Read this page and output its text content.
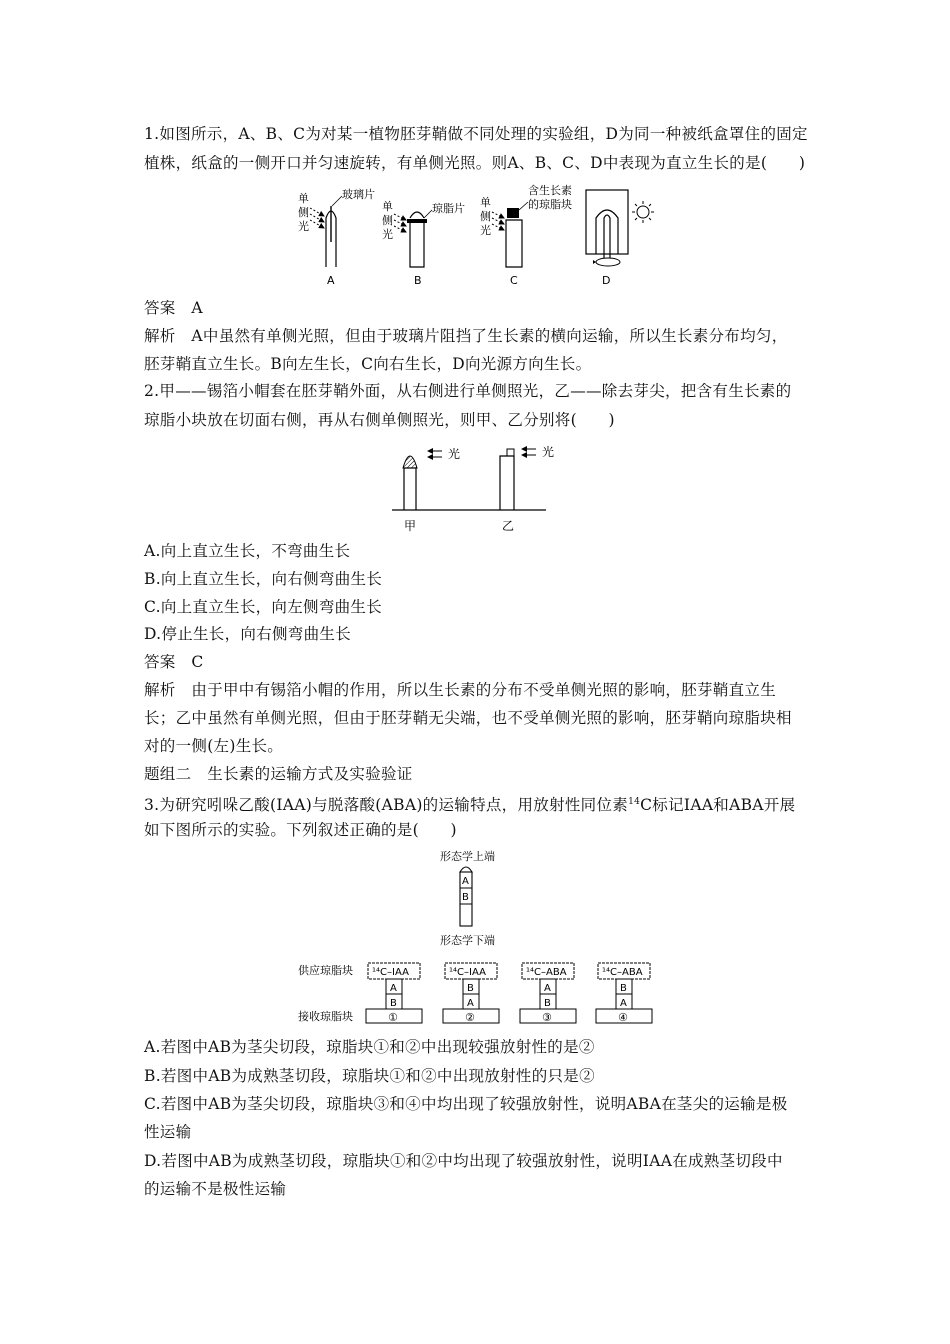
1.如图所示，A、B、C为对某一植物胚芽鞘做不同处理的实验组，D为同一种被纸盒罩住的固定
植株，纸盒的一侧开口并匀速旋转，有单侧光照。则A、B、C、D中表现为直立生长的是(　　)
单
侧
光
玻璃片
A
单
侧
光
琼脂片
B
单
侧
光
含生长素
的琼脂块
C	D
答案　A
解析　A中虽然有单侧光照，但由于玻璃片阻挡了生长素的横向运输，所以生长素分布均匀，
胚芽鞘直立生长。B向左生长，C向右生长，D向光源方向生长。
2.甲——锡箔小帽套在胚芽鞘外面，从右侧进行单侧照光，乙——除去芽尖，把含有生长素的
琼脂小块放在切面右侧，再从右侧单侧照光，则甲、乙分别将(　　)
光	光
甲	乙
A.向上直立生长，不弯曲生长
B.向上直立生长，向右侧弯曲生长
C.向上直立生长，向左侧弯曲生长
D.停止生长，向右侧弯曲生长
答案　C
解析　由于甲中有锡箔小帽的作用，所以生长素的分布不受单侧光照的影响，胚芽鞘直立生
长；乙中虽然有单侧光照，但由于胚芽鞘无尖端，也不受单侧光照的影响，胚芽鞘向琼脂块相
对的一侧(左)生长。
题组二　生长素的运输方式及实验验证
3.为研究吲哚乙酸(IAA)与脱落酸(ABA)的运输特点，用放射性同位素$^{14}$C标记IAA和ABA开展
如下图所示的实验。下列叙述正确的是(　　)
形态学上端
A
B
形态学下端
供应琼脂块
接收琼脂块
¹⁴C–IAA
A
B
①
¹⁴C–IAA
B
A
②
¹⁴C–ABA
A
B
③
¹⁴C–ABA
B
A
④
A.若图中AB为茎尖切段，琼脂块①和②中出现较强放射性的是②
B.若图中AB为成熟茎切段，琼脂块①和②中出现放射性的只是②
C.若图中AB为茎尖切段，琼脂块③和④中均出现了较强放射性，说明ABA在茎尖的运输是极
性运输
D.若图中AB为成熟茎切段，琼脂块①和②中均出现了较强放射性，说明IAA在成熟茎切段中
的运输不是极性运输
